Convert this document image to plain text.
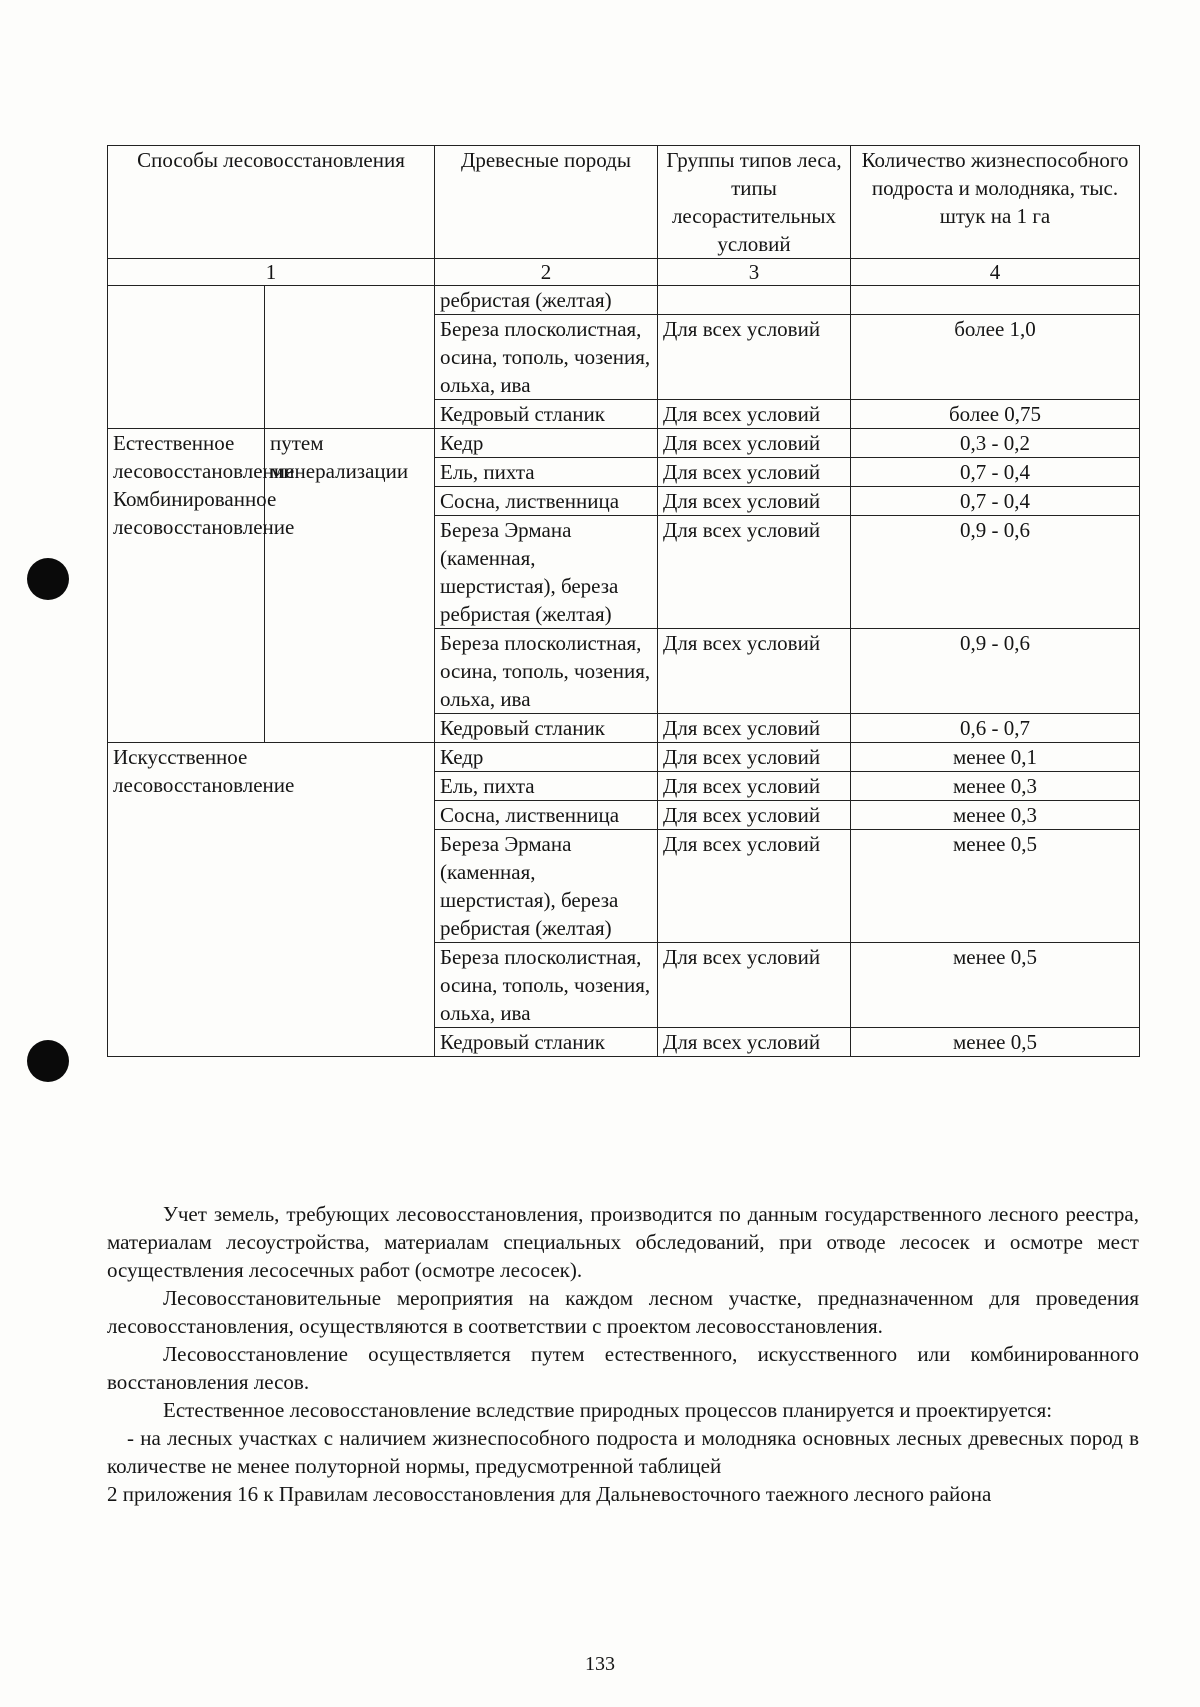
Способы лесовосстановления		Древесные породы	Группы типов леса, типы лесорастительных условий	Количество жизнеспособного подроста и молодняка, тыс. штук на 1 га
1		2	3	4
		ребристая (желтая)		
		Береза плосколистная, осина, тополь, чозения, ольха, ива	Для всех условий	более 1,0
		Кедровый стланик	Для всех условий	более 0,75
Естественное лесовосстановление Комбинированное лесовосстановление	путем минерализации	Кедр	Для всех условий	0,3 - 0,2
		Ель, пихта	Для всех условий	0,7 - 0,4
		Сосна, лиственница	Для всех условий	0,7 - 0,4
		Береза Эрмана (каменная, шерстистая), береза ребристая (желтая)	Для всех условий	0,9 - 0,6
		Береза плосколистная, осина, тополь, чозения, ольха, ива	Для всех условий	0,9 - 0,6
		Кедровый стланик	Для всех условий	0,6 - 0,7
Искусственное лесовосстановление		Кедр	Для всех условий	менее 0,1
		Ель, пихта	Для всех условий	менее 0,3
		Сосна, лиственница	Для всех условий	менее 0,3
		Береза Эрмана (каменная, шерстистая), береза ребристая (желтая)	Для всех условий	менее 0,5
		Береза плосколистная, осина, тополь, чозения, ольха, ива	Для всех условий	менее 0,5
		Кедровый стланик	Для всех условий	менее 0,5

Учет земель, требующих лесовосстановления, производится по данным государственного лесного реестра, материалам лесоустройства, материалам специальных обследований, при отводе лесосек и осмотре мест осуществления лесосечных работ (осмотре лесосек).

Лесовосстановительные мероприятия на каждом лесном участке, предназначенном для проведения лесовосстановления, осуществляются в соответствии с проектом лесовосстановления.

Лесовосстановление осуществляется путем естественного, искусственного или комбинированного восстановления лесов.

Естественное лесовосстановление вследствие природных процессов планируется и проектируется:

- на лесных участках с наличием жизнеспособного подроста и молодняка основных лесных древесных пород в количестве не менее полуторной нормы, предусмотренной таблицей

2 приложения 16 к Правилам лесовосстановления для Дальневосточного таежного лесного района

133
